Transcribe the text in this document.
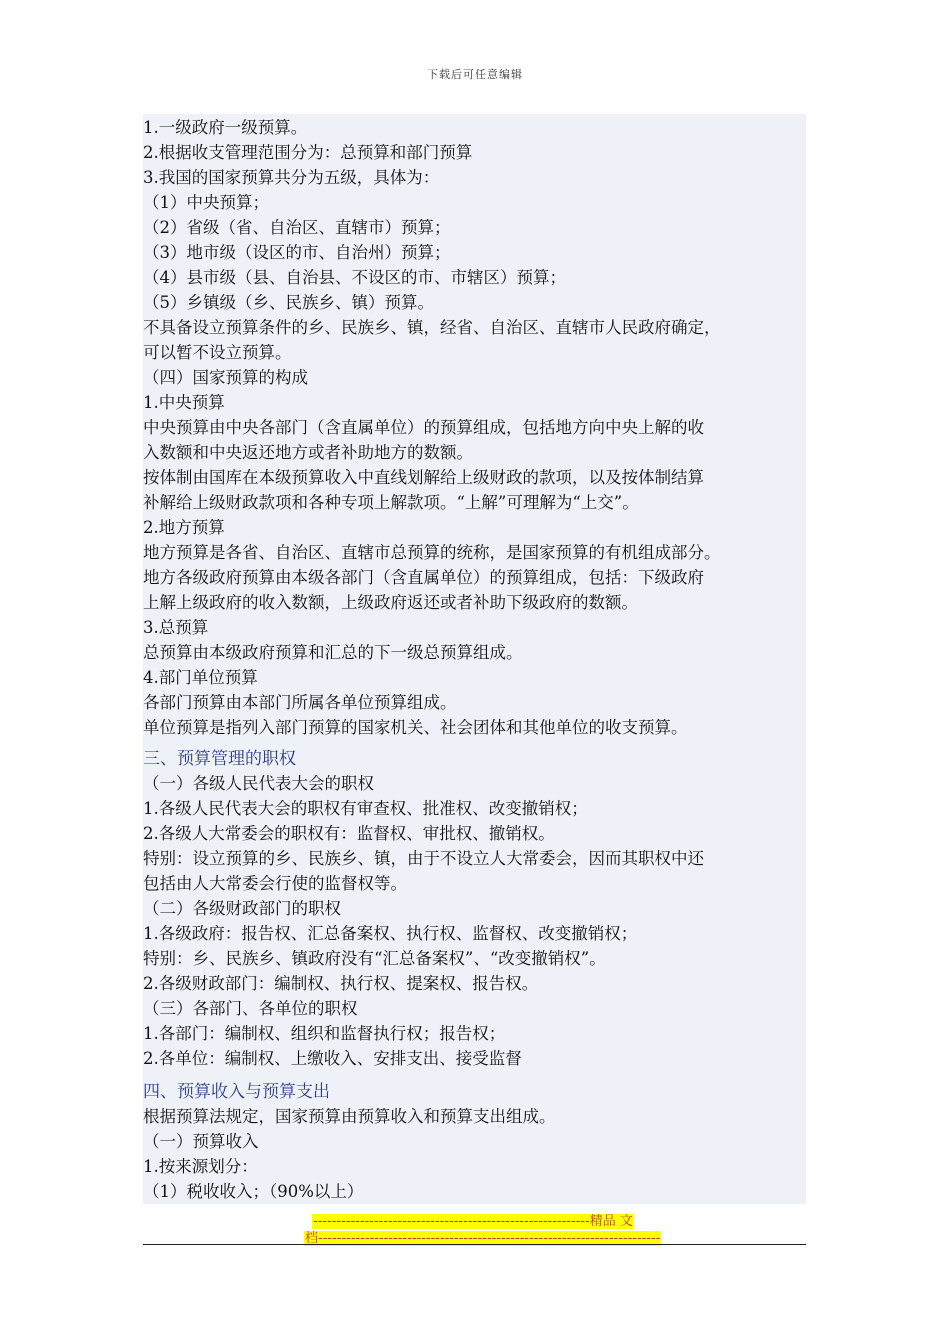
下载后可任意编辑
1.一级政府一级预算。
2.根据收支管理范围分为：总预算和部门预算
3.我国的国家预算共分为五级，具体为：
（1）中央预算；
（2）省级（省、自治区、直辖市）预算；
（3）地市级（设区的市、自治州）预算；
（4）县市级（县、自治县、不设区的市、市辖区）预算；
（5）乡镇级（乡、民族乡、镇）预算。
不具备设立预算条件的乡、民族乡、镇，经省、自治区、直辖市人民政府确定，
可以暂不设立预算。
（四）国家预算的构成
1.中央预算
中央预算由中央各部门（含直属单位）的预算组成，包括地方向中央上解的收
入数额和中央返还地方或者补助地方的数额。
按体制由国库在本级预算收入中直线划解给上级财政的款项，以及按体制结算
补解给上级财政款项和各种专项上解款项。“上解”可理解为“上交”。
2.地方预算
地方预算是各省、自治区、直辖市总预算的统称，是国家预算的有机组成部分。
地方各级政府预算由本级各部门（含直属单位）的预算组成，包括：下级政府
上解上级政府的收入数额，上级政府返还或者补助下级政府的数额。
3.总预算
总预算由本级政府预算和汇总的下一级总预算组成。
4.部门单位预算
各部门预算由本部门所属各单位预算组成。
单位预算是指列入部门预算的国家机关、社会团体和其他单位的收支预算。
三、预算管理的职权
（一）各级人民代表大会的职权
1.各级人民代表大会的职权有审查权、批准权、改变撤销权；
2.各级人大常委会的职权有：监督权、审批权、撤销权。
特别：设立预算的乡、民族乡、镇，由于不设立人大常委会，因而其职权中还
包括由人大常委会行使的监督权等。
（二）各级财政部门的职权
1.各级政府：报告权、汇总备案权、执行权、监督权、改变撤销权；
特别：乡、民族乡、镇政府没有“汇总备案权”、“改变撤销权”。
2.各级财政部门：编制权、执行权、提案权、报告权。
（三）各部门、各单位的职权
1.各部门：编制权、组织和监督执行权；报告权；
2.各单位：编制权、上缴收入、安排支出、接受监督
四、预算收入与预算支出
根据预算法规定，国家预算由预算收入和预算支出组成。
（一）预算收入
1.按来源划分：
（1）税收收入；（90%以上）
-----------------------------------------------------------精品 文
档-------------------------------------------------------------------------
